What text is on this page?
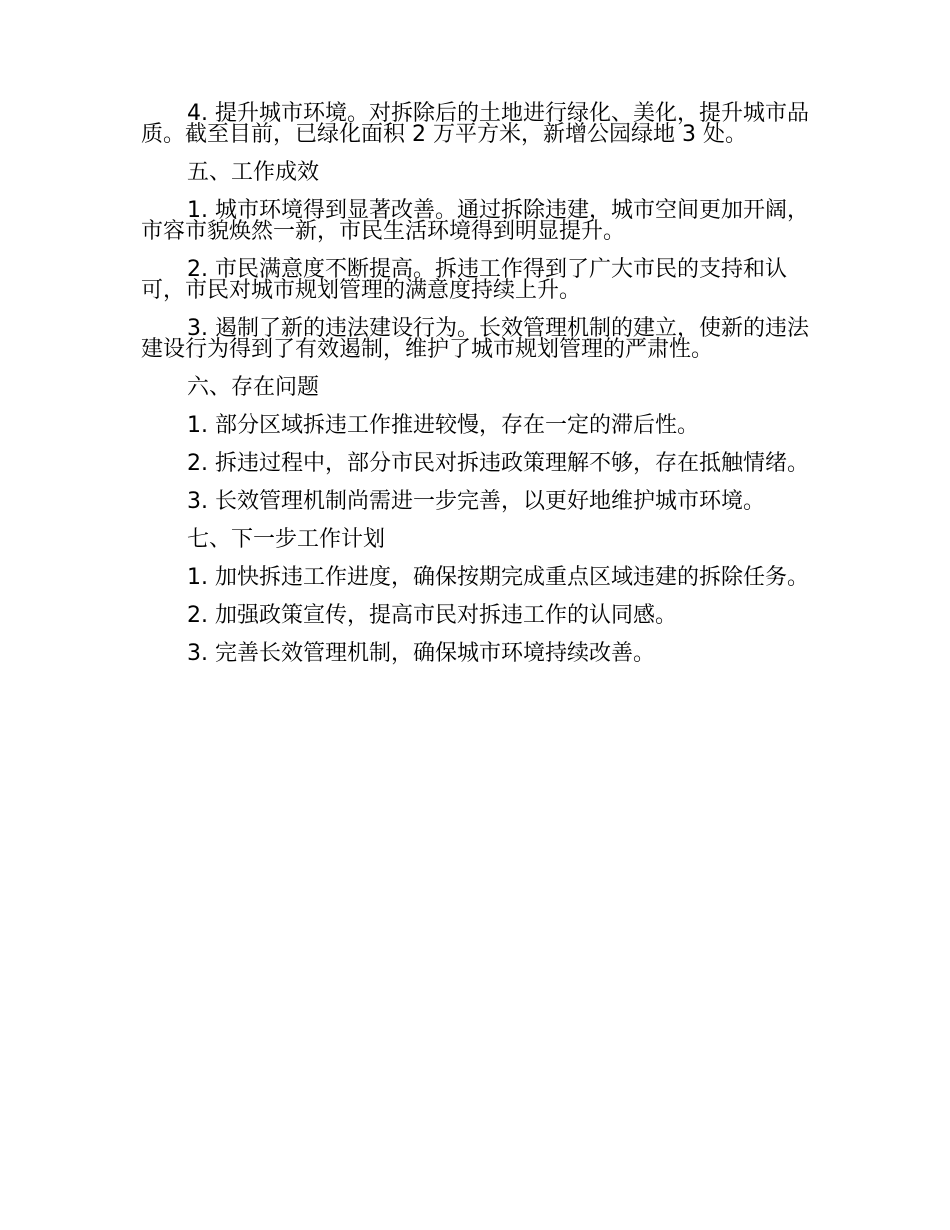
4. 提升城市环境。对拆除后的土地进行绿化、美化，提升城市品质。截至目前，已绿化面积 2 万平方米，新增公园绿地 3 处。

五、工作成效

1. 城市环境得到显著改善。通过拆除违建，城市空间更加开阔，市容市貌焕然一新，市民生活环境得到明显提升。

2. 市民满意度不断提高。拆违工作得到了广大市民的支持和认可，市民对城市规划管理的满意度持续上升。

3. 遏制了新的违法建设行为。长效管理机制的建立，使新的违法建设行为得到了有效遏制，维护了城市规划管理的严肃性。

六、存在问题

1. 部分区域拆违工作推进较慢，存在一定的滞后性。

2. 拆违过程中，部分市民对拆违政策理解不够，存在抵触情绪。

3. 长效管理机制尚需进一步完善，以更好地维护城市环境。

七、下一步工作计划

1. 加快拆违工作进度，确保按期完成重点区域违建的拆除任务。

2. 加强政策宣传，提高市民对拆违工作的认同感。

3. 完善长效管理机制，确保城市环境持续改善。
